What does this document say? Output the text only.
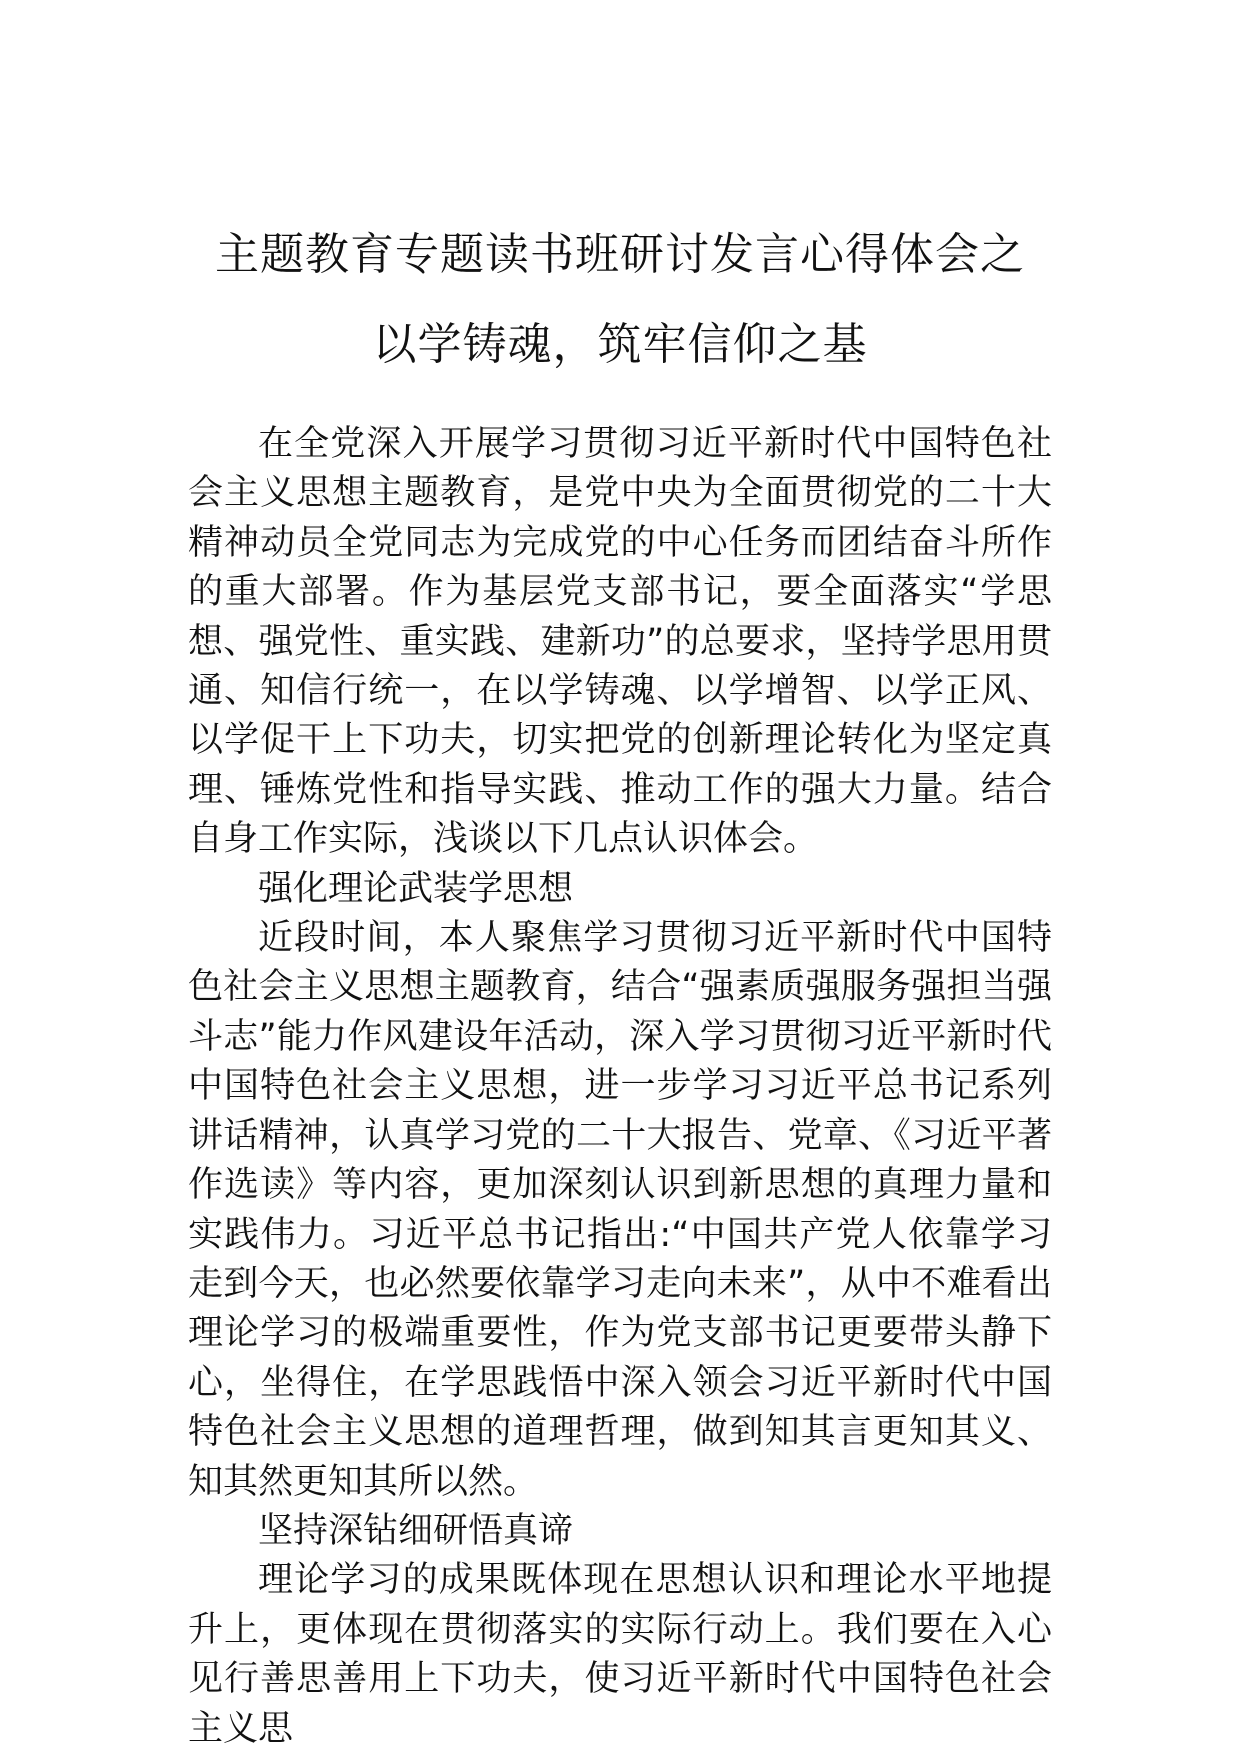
主题教育专题读书班研讨发言心得体会之
以学铸魂，筑牢信仰之基

在全党深入开展学习贯彻习近平新时代中国特色社会主义思想主题教育，是党中央为全面贯彻党的二十大精神动员全党同志为完成党的中心任务而团结奋斗所作的重大部署。作为基层党支部书记，要全面落实“学思想、强党性、重实践、建新功”的总要求，坚持学思用贯通、知信行统一，在以学铸魂、以学增智、以学正风、以学促干上下功夫，切实把党的创新理论转化为坚定真理、锤炼党性和指导实践、推动工作的强大力量。结合自身工作实际，浅谈以下几点认识体会。

强化理论武装学思想

近段时间，本人聚焦学习贯彻习近平新时代中国特色社会主义思想主题教育，结合“强素质强服务强担当强斗志”能力作风建设年活动，深入学习贯彻习近平新时代中国特色社会主义思想，进一步学习习近平总书记系列讲话精神，认真学习党的二十大报告、党章、《习近平著作选读》等内容，更加深刻认识到新思想的真理力量和实践伟力。习近平总书记指出:“中国共产党人依靠学习走到今天，也必然要依靠学习走向未来”，从中不难看出理论学习的极端重要性，作为党支部书记更要带头静下心，坐得住，在学思践悟中深入领会习近平新时代中国特色社会主义思想的道理哲理，做到知其言更知其义、知其然更知其所以然。

坚持深钻细研悟真谛

理论学习的成果既体现在思想认识和理论水平地提升上，更体现在贯彻落实的实际行动上。我们要在入心见行善思善用上下功夫，使习近平新时代中国特色社会主义思
